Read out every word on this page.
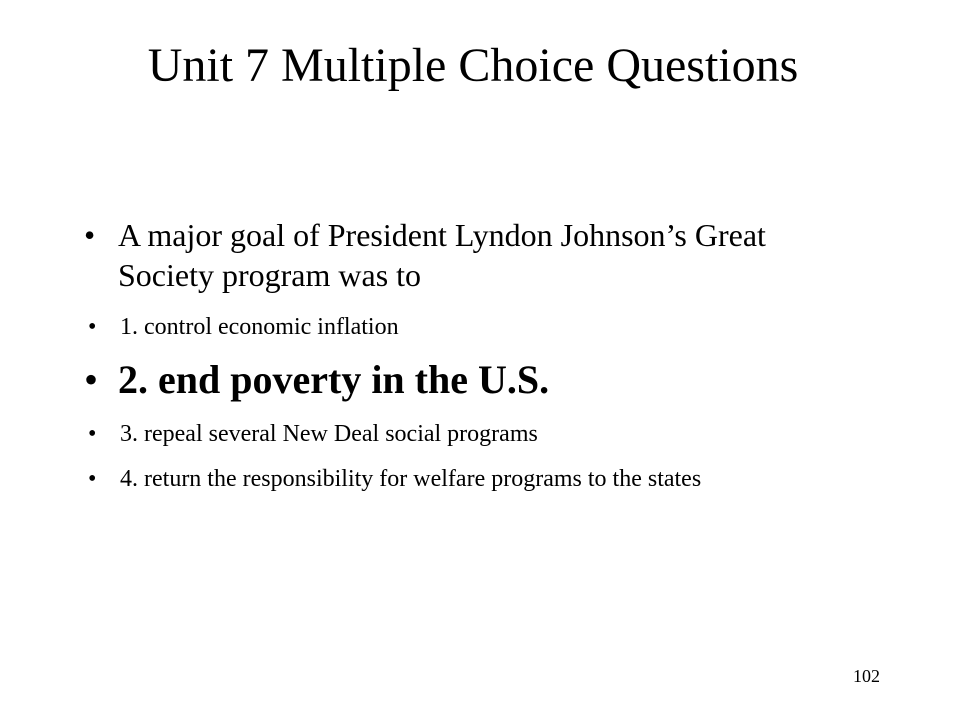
Unit 7 Multiple Choice Questions
• A major goal of President Lyndon Johnson’s Great Society program was to
• 1. control economic inflation
• 2. end poverty in the U.S.
• 3. repeal several New Deal social programs
• 4. return the responsibility for welfare programs to the states
102
